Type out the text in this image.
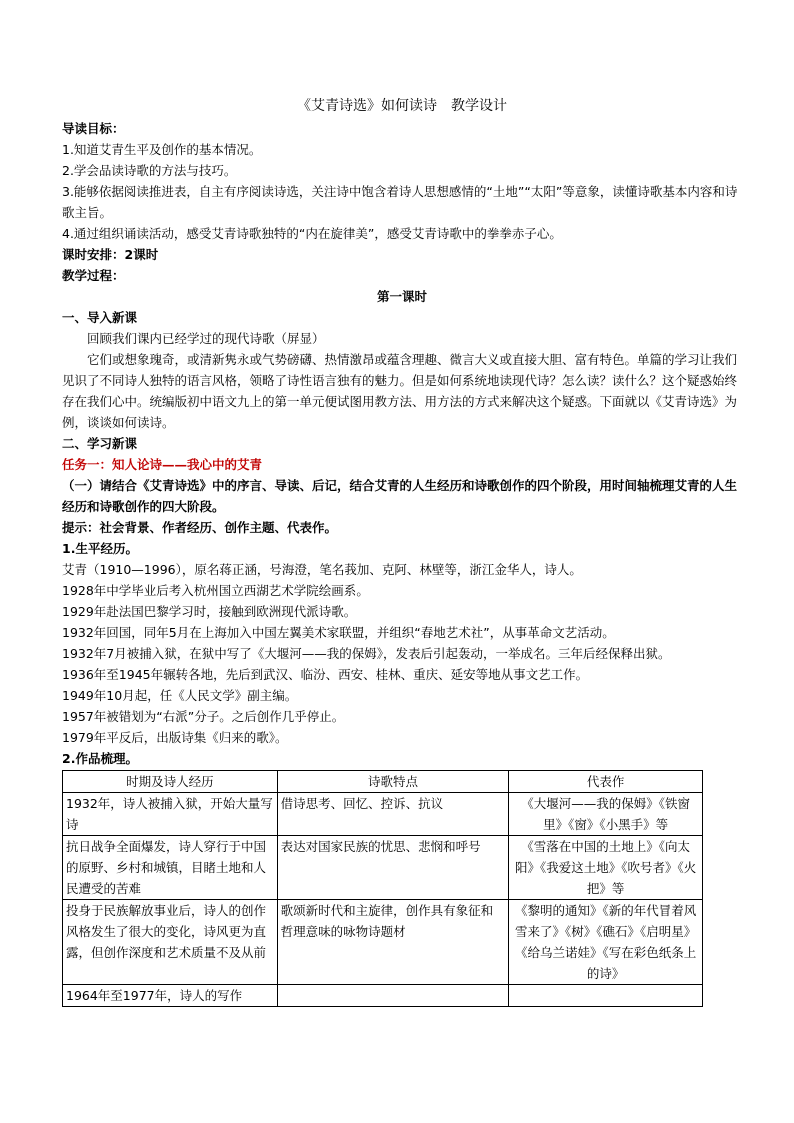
《艾青诗选》如何读诗　教学设计

导读目标：

1.知道艾青生平及创作的基本情况。

2.学会品读诗歌的方法与技巧。

3.能够依据阅读推进表，自主有序阅读诗选，关注诗中饱含着诗人思想感情的“土地”“太阳”等意象，读懂诗歌基本内容和诗歌主旨。

4.通过组织诵读活动，感受艾青诗歌独特的“内在旋律美”，感受艾青诗歌中的拳拳赤子心。

课时安排：2课时

教学过程：

第一课时

一、导入新课

回顾我们课内已经学过的现代诗歌（屏显）

它们或想象瑰奇，或清新隽永或气势磅礴、热情激昂或蕴含理趣、微言大义或直接大胆、富有特色。单篇的学习让我们见识了不同诗人独特的语言风格，领略了诗性语言独有的魅力。但是如何系统地读现代诗？怎么读？读什么？这个疑惑始终存在我们心中。统编版初中语文九上的第一单元便试图用教方法、用方法的方式来解决这个疑惑。下面就以《艾青诗选》为例，谈谈如何读诗。

二、学习新课

任务一：知人论诗——我心中的艾青

（一）请结合《艾青诗选》中的序言、导读、后记，结合艾青的人生经历和诗歌创作的四个阶段，用时间轴梳理艾青的人生经历和诗歌创作的四大阶段。

提示：社会背景、作者经历、创作主题、代表作。

1.生平经历。

艾青（1910—1996），原名蒋正涵，号海澄，笔名莪加、克阿、林壁等，浙江金华人，诗人。

1928年中学毕业后考入杭州国立西湖艺术学院绘画系。

1929年赴法国巴黎学习时，接触到欧洲现代派诗歌。

1932年回国，同年5月在上海加入中国左翼美术家联盟，并组织“春地艺术社”，从事革命文艺活动。

1932年7月被捕入狱，在狱中写了《大堰河——我的保姆》，发表后引起轰动，一举成名。三年后经保释出狱。

1936年至1945年辗转各地，先后到武汉、临汾、西安、桂林、重庆、延安等地从事文艺工作。

1949年10月起，任《人民文学》副主编。

1957年被错划为“右派”分子。之后创作几乎停止。

1979年平反后，出版诗集《归来的歌》。

2.作品梳理。

时期及诗人经历	诗歌特点	代表作
1932年，诗人被捕入狱，开始大量写诗	借诗思考、回忆、控诉、抗议	《大堰河——我的保姆》《铁窗里》《窗》《小黑手》等
抗日战争全面爆发，诗人穿行于中国的原野、乡村和城镇，目睹土地和人民遭受的苦难	表达对国家民族的忧思、悲悯和呼号	《雪落在中国的土地上》《向太阳》《我爱这土地》《吹号者》《火把》等
投身于民族解放事业后，诗人的创作风格发生了很大的变化，诗风更为直露，但创作深度和艺术质量不及从前	歌颂新时代和主旋律，创作具有象征和哲理意味的咏物诗题材	《黎明的通知》《新的年代冒着风雪来了》《树》《礁石》《启明星》《给乌兰诺娃》《写在彩色纸条上的诗》
1964年至1977年，诗人的写作		
